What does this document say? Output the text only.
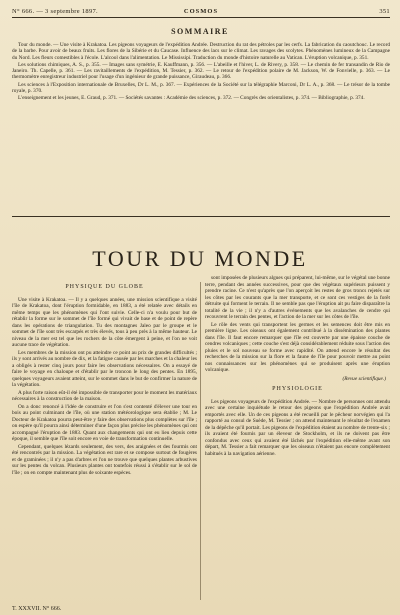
N° 666. — 3 septembre 1897.	COSMOS	351
SOMMAIRE

Tour du monde. — Une visite à Krakatoa. Les pigeons voyageurs de l'expédition Andrée. Destruction du rat des pétroles par les cerfs. La fabrication du caoutchouc. Le record de la barbe. Pour avoir de beaux fruits. Les flores de la Sibérie et du Caucase. Influence des lacs sur le climat. Les ravages des scolytes. Phénomènes lumineux de la Campagne du Nord. Les fleurs comestibles à l'école. L'alcool dans l'alimentation. Le Mississipi. Traduction du monde d'histoire naturelle au Vatican. L'éruption volcanique, p. 351.

Les solutions chimiques, A. S., p. 355. — Images sans symétrie, E. Kauffmann, p. 356. — L'abeille et l'hiver, L. de Rivery, p. 358. — Le chemin de fer transandin de Rio de Janeiro. Th. Capelle, p. 361. — Les ravitaillements de l'expédition, M. Tessier, p. 362. — Le retour de l'expédition polaire de M. Jackson, W. de Fonvielle, p. 363. — Le thermomètre enregistreur industriel pour l'usage d'un ingénieur de grande puissance, Giraudeau, p. 366.

Les sciences à l'Exposition internationale de Bruxelles, Dr L. M., p. 367. — Expériences de la Société sur la télégraphie Marconi, Dr L. A., p. 368. — Le trésor de la tombe royale, p. 370.

L'enseignement et les jeunes, E. Graud, p. 371. — Sociétés savantes : Académie des sciences, p. 372. — Congrès des orientalistes, p. 374. — Bibliographie, p. 374.

TOUR DU MONDE
PHYSIQUE DU GLOBE

Une visite à Krakatoa. — Il y a quelques années, une mission scientifique a visité l'île de Krakatoa, dont l'éruption formidable, en 1883, a été relatée avec détails en même temps que les phénomènes qui l'ont suivie. Celle-ci n'a voulu pour but de rétablir la forme sur le sommet de l'île formé qui vivait de base et de point de repère dans les opérations de triangulation. Tu des montagnes Jaleo par le groupe et le sommet de l'île sont très escarpés et très élevés, tous à peu près à la même hauteur. Le niveau de la mer est tel que les rochers de la côte émergent à peine, et l'on ne voit aucune trace de végétation.

Les membres de la mission ont pu atteindre ce point au prix de grandes difficultés ; ils y sont arrivés au nombre de dix, et la fatigue causée par les marches et la chaleur les a obligés à rester cinq jours pour faire les observations nécessaires. On a essayé de faire le voyage en chaloupe et d'établir par le troncon le long des pentes. En 1895, quelques voyageurs avaient atteint, sur le sommet dans le but de confirmer la nature de la végétation.

A plus forte raison eût-il été impossible de transporter pour le moment les matériaux nécessaires à la construction de la maison.

On a donc renoncé à l'idée de construire et l'on s'est contenté d'élever une tour en bois au point culminant de l'île, où une station météorologique sera établie ; M. Le Docteur de Krakatoa pourra peut-être y faire des observations plus complètes sur l'île ; on espère qu'il pourra ainsi déterminer d'une façon plus précise les phénomènes qui ont accompagné l'éruption de 1883. Quant aux changements qui ont eu lieu depuis cette époque, il semble que l'île soit encore en voie de transformation continuelle.

Cependant, quelques lézards seulement, des vers, des araignées et des fourmis ont été rencontrés par la mission. La végétation est rare et se compose surtout de fougères et de graminées ; il n'y a pas d'arbres et l'on ne trouve que quelques plantes arbustives sur les pentes du volcan. Plusieurs plantes ont toutefois réussi à s'établir sur le sol de l'île ; on en compte maintenant plus de soixante espèces.

sont imposées de plusieurs algues qui préparent, lui-même, sur le végétal une bonne terre, pendant des années successives, pour que des végétaux supérieurs puissent y prendre racine. Ce n'est qu'après que l'on aperçoit les restes de gros troncs rejetés sur les côtes par les courants que la mer transporte, et ce sont ces vestiges de la forêt détruite qui forment le terrain. Il ne semble pas que l'éruption ait pu faire disparaître la totalité de la vie ; il n'y a d'autres événements que les avalanches de cendre qui recouvrent le terrain des pentes, et l'action de la mer sur les côtes de l'île.

Le rôle des vents qui transportent les germes et les semences doit être mis en première ligne. Les oiseaux ont également contribué à la dissémination des plantes dans l'île. Il faut encore remarquer que l'île est couverte par une épaisse couche de cendres volcaniques ; cette couche s'est déjà considérablement réduite sous l'action des pluies et le sol nouveau se forme avec rapidité. On attend encore le résultat des recherches de la mission sur la flore et la faune de l'île pour pouvoir mettre au point nos connaissances sur les phénomènes qui se produisent après une éruption volcanique.

(Revue scientifique.)
PHYSIOLOGIE

Les pigeons voyageurs de l'expédition Andrée. — Nombre de personnes ont attendu avec une certaine inquiétude le retour des pigeons que l'expédition Andrée avait emportés avec elle. Un de ces pigeons a été recueilli par le pêcheur norvégien qui l'a rapporté au consul de Suède, M. Tessier ; on attend maintenant le résultat de l'examen de la dépêche qu'il portait. Les pigeons de l'expédition étaient au nombre de trente-six ; ils avaient été fournis par un éleveur de Stockholm, et ils ne doivent pas être confondus avec ceux qui avaient été lâchés par l'expédition elle-même avant son départ, M. Tessier a fait remarquer que les oiseaux n'étaient pas encore complètement habitués à la navigation aérienne.

T. XXXVII. N° 666.
